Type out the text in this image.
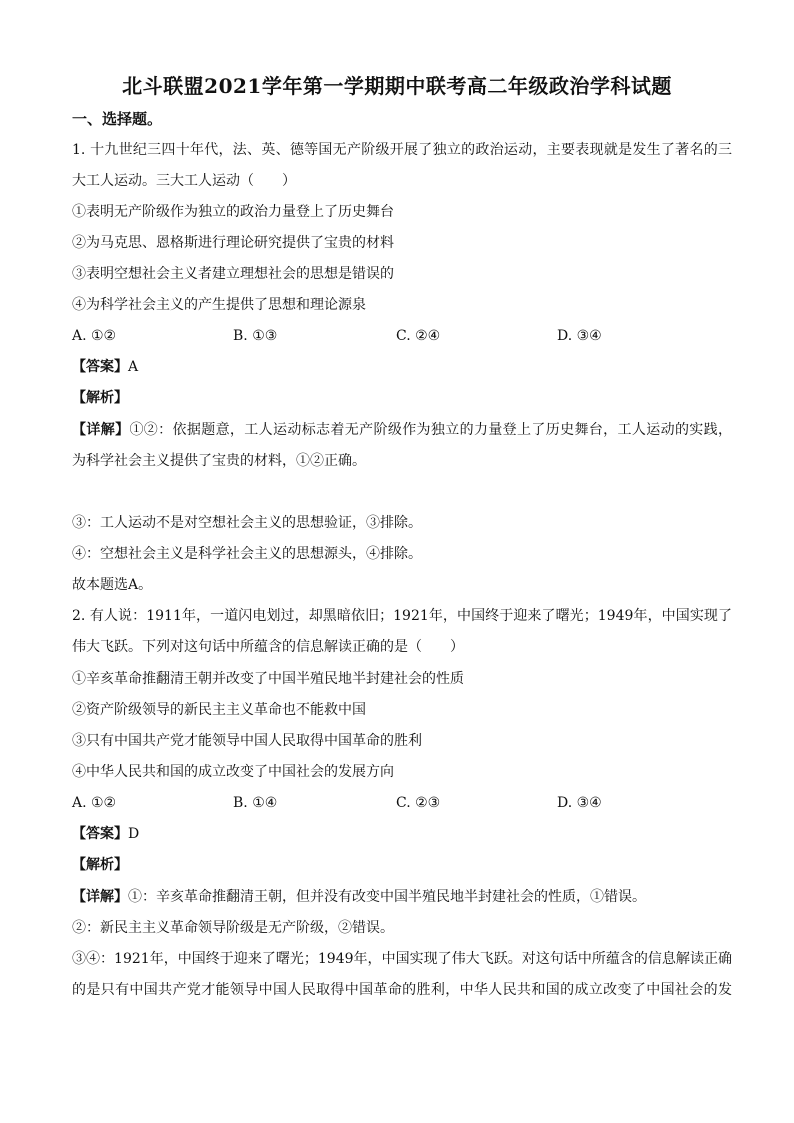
北斗联盟2021学年第一学期期中联考高二年级政治学科试题
一、选择题。
1. 十九世纪三四十年代，法、英、德等国无产阶级开展了独立的政治运动，主要表现就是发生了著名的三
大工人运动。三大工人运动（　　）
①表明无产阶级作为独立的政治力量登上了历史舞台
②为马克思、恩格斯进行理论研究提供了宝贵的材料
③表明空想社会主义者建立理想社会的思想是错误的
④为科学社会主义的产生提供了思想和理论源泉
A. ①②	B. ①③	C. ②④	D. ③④
【答案】A
【解析】
【详解】①②：依据题意，工人运动标志着无产阶级作为独立的力量登上了历史舞台，工人运动的实践，
为科学社会主义提供了宝贵的材料，①②正确。
③：工人运动不是对空想社会主义的思想验证，③排除。
④：空想社会主义是科学社会主义的思想源头，④排除。
故本题选A。
2. 有人说：1911年，一道闪电划过，却黑暗依旧；1921年，中国终于迎来了曙光；1949年，中国实现了
伟大飞跃。下列对这句话中所蕴含的信息解读正确的是（　　）
①辛亥革命推翻清王朝并改变了中国半殖民地半封建社会的性质
②资产阶级领导的新民主主义革命也不能救中国
③只有中国共产党才能领导中国人民取得中国革命的胜利
④中华人民共和国的成立改变了中国社会的发展方向
A. ①②	B. ①④	C. ②③	D. ③④
【答案】D
【解析】
【详解】①：辛亥革命推翻清王朝，但并没有改变中国半殖民地半封建社会的性质，①错误。
②：新民主主义革命领导阶级是无产阶级，②错误。
③④：1921年，中国终于迎来了曙光；1949年，中国实现了伟大飞跃。对这句话中所蕴含的信息解读正确
的是只有中国共产党才能领导中国人民取得中国革命的胜利，中华人民共和国的成立改变了中国社会的发
